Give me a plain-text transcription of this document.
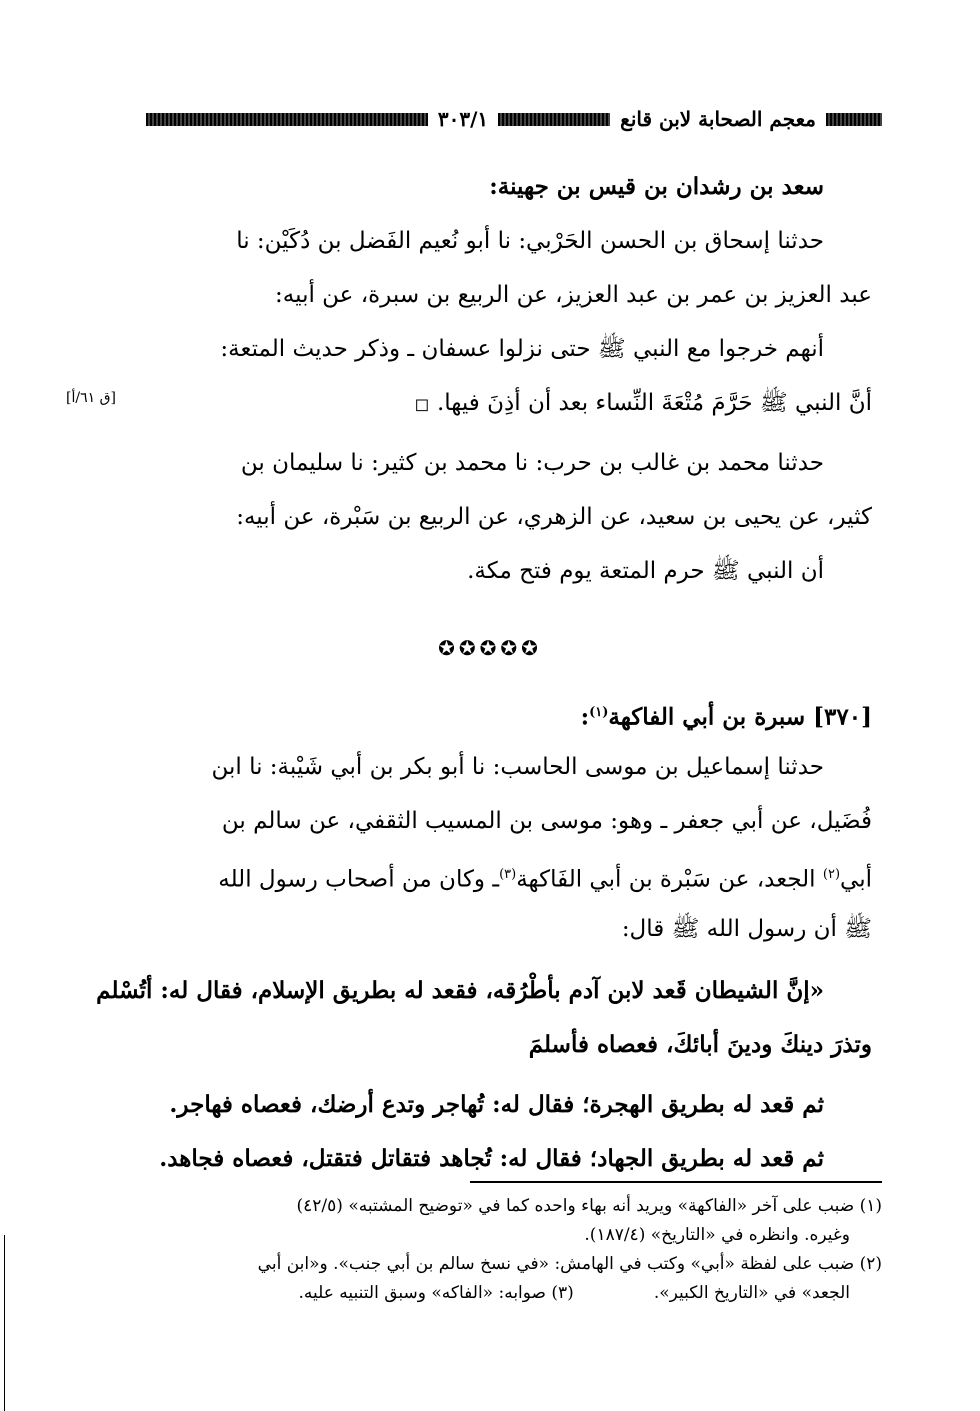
معجم الصحابة لابن قانع
٣٠٣/١
سعد بن رشدان بن قيس بن جهينة:
حدثنا إسحاق بن الحسن الحَرْبي: نا أبو نُعيم الفَضل بن دُكَيْن: نا
عبد العزيز بن عمر بن عبد العزيز، عن الربيع بن سبرة، عن أبيه:
أنهم خرجوا مع النبي ﷺ حتى نزلوا عسفان ـ وذكر حديث المتعة:
أنَّ النبي ﷺ حَرَّمَ مُتْعَةَ النِّساء بعد أن أذِنَ فيها. ◻
حدثنا محمد بن غالب بن حرب: نا محمد بن كثير: نا سليمان بن
كثير، عن يحيى بن سعيد، عن الزهري، عن الربيع بن سَبْرة، عن أبيه:
أن النبي ﷺ حرم المتعة يوم فتح مكة.
[ق ٦١/أ]
✪✪✪✪✪
[٣٧٠] سبرة بن أبي الفاكهة$^{(١)}$:
حدثنا إسماعيل بن موسى الحاسب: نا أبو بكر بن أبي شَيْبة: نا ابن
فُضَيل، عن أبي جعفر ـ وهو: موسى بن المسيب الثقفي، عن سالم بن
أبي$^{(٢)}$ الجعد، عن سَبْرة بن أبي الفَاكهة$^{(٣)}$ـ وكان من أصحاب رسول الله
ﷺ أن رسول الله ﷺ قال:
«إنَّ الشيطان قَعد لابن آدم بأطْرُقه، فقعد له بطريق الإسلام، فقال له: أتُسْلم
وتذرَ دينكَ ودينَ أبائكَ، فعصاه فأسلمَ
ثم قعد له بطريق الهجرة؛ فقال له: تُهاجر وتدع أرضك، فعصاه فهاجر.
ثم قعد له بطريق الجهاد؛ فقال له: تُجاهد فتقاتل فتقتل، فعصاه فجاهد.
(١) ضبب على آخر «الفاكهة» ويريد أنه بهاء واحده كما في «توضيح المشتبه» (٤٢/٥)
وغيره. وانظره في «التاريخ» (١٨٧/٤).
(٢) ضبب على لفظة «أبي» وكتب في الهامش: «في نسخ سالم بن أبي جنب». و«ابن أبي
الجعد» في «التاريخ الكبير».(٣) صوابه: «الفاكه» وسبق التنبيه عليه.
